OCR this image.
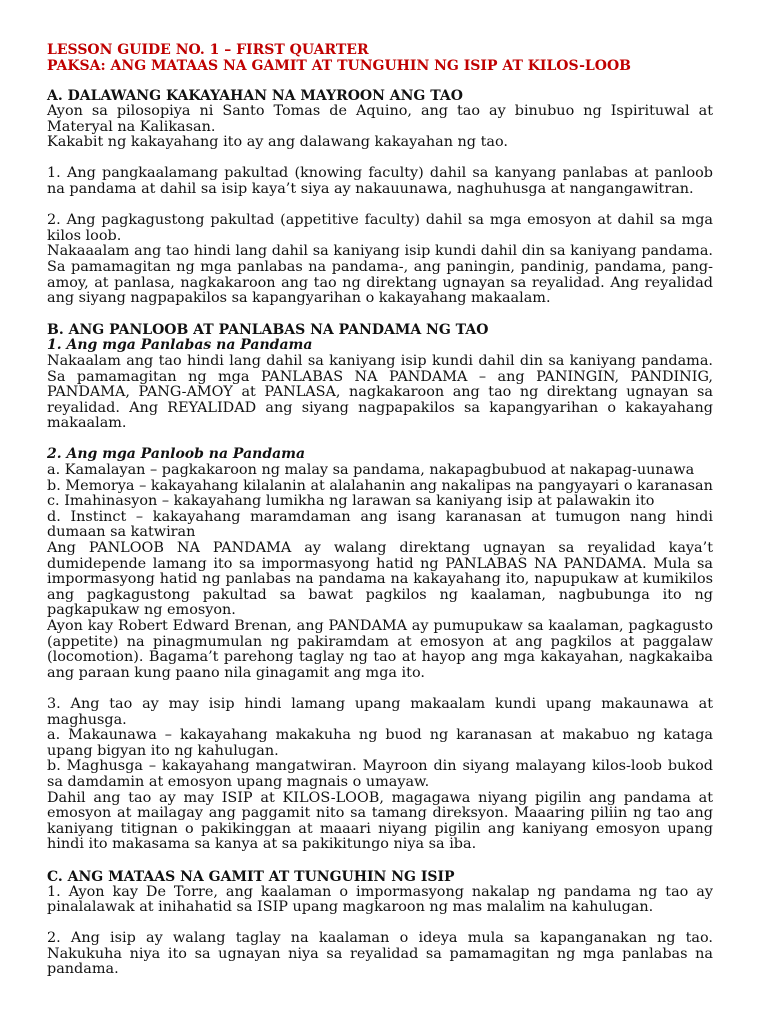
LESSON GUIDE NO. 1 – FIRST QUARTER

PAKSA: ANG MATAAS NA GAMIT AT TUNGUHIN NG ISIP AT KILOS-LOOB

A. DALAWANG KAKAYAHAN NA MAYROON ANG TAO

Ayon sa pilosopiya ni Santo Tomas de Aquino, ang tao ay binubuo ng Ispirituwal at Materyal na Kalikasan.

Kakabit ng kakayahang ito ay ang dalawang kakayahan ng tao.

1. Ang pangkaalamang pakultad (knowing faculty) dahil sa kanyang panlabas at panloob na pandama at dahil sa isip kaya’t siya ay nakauunawa, naghuhusga at nangangawitran.

2. Ang pagkagustong pakultad (appetitive faculty) dahil sa mga emosyon at dahil sa mga kilos loob.

Nakaaalam ang tao hindi lang dahil sa kaniyang isip kundi dahil din sa kaniyang pandama. Sa pamamagitan ng mga panlabas na pandama-, ang paningin, pandinig, pandama, pang-amoy, at panlasa, nagkakaroon ang tao ng direktang ugnayan sa reyalidad. Ang reyalidad ang siyang nagpapakilos sa kapangyarihan o kakayahang makaalam.

B. ANG PANLOOB AT PANLABAS NA PANDAMA NG TAO
1. Ang mga Panlabas na Pandama

Nakaalam ang tao hindi lang dahil sa kaniyang isip kundi dahil din sa kaniyang pandama. Sa pamamagitan ng mga PANLABAS NA PANDAMA – ang PANINGIN, PANDINIG, PANDAMA, PANG-AMOY at PANLASA, nagkakaroon ang tao ng direktang ugnayan sa reyalidad. Ang REYALIDAD ang siyang nagpapakilos sa kapangyarihan o kakayahang makaalam.

2. Ang mga Panloob na Pandama

a. Kamalayan – pagkakaroon ng malay sa pandama, nakapagbubuod at nakapag-uunawa

b. Memorya – kakayahang kilalanin at alalahanin ang nakalipas na pangyayari o karanasan

c. Imahinasyon – kakayahang lumikha ng larawan sa kaniyang isip at palawakin ito

d. Instinct – kakayahang maramdaman ang isang karanasan at tumugon nang hindi dumaan sa katwiran

Ang PANLOOB NA PANDAMA ay walang direktang ugnayan sa reyalidad kaya’t dumidepende lamang ito sa impormasyong hatid ng PANLABAS NA PANDAMA. Mula sa impormasyong hatid ng panlabas na pandama na kakayahang ito, napupukaw at kumikilos ang pagkagustong pakultad sa bawat pagkilos ng kaalaman, nagbubunga ito ng pagkapukaw ng emosyon.

Ayon kay Robert Edward Brenan, ang PANDAMA ay pumupukaw sa kaalaman, pagkagusto (appetite) na pinagmumulan ng pakiramdam at emosyon at ang pagkilos at paggalaw (locomotion). Bagama’t parehong taglay ng tao at hayop ang mga kakayahan, nagkakaiba ang paraan kung paano nila ginagamit ang mga ito.

3. Ang tao ay may isip hindi lamang upang makaalam kundi upang makaunawa at maghusga.

a. Makaunawa – kakayahang makakuha ng buod ng karanasan at makabuo ng kataga upang bigyan ito ng kahulugan.

b. Maghusga – kakayahang mangatwiran. Mayroon din siyang malayang kilos-loob bukod sa damdamin at emosyon upang magnais o umayaw.

Dahil ang tao ay may ISIP at KILOS-LOOB, magagawa niyang pigilin ang pandama at emosyon at mailagay ang paggamit nito sa tamang direksyon. Maaaring piliin ng tao ang kaniyang titignan o pakikinggan at maaari niyang pigilin ang kaniyang emosyon upang hindi ito makasama sa kanya at sa pakikitungo niya sa iba.

C. ANG MATAAS NA GAMIT AT TUNGUHIN NG ISIP

1. Ayon kay De Torre, ang kaalaman o impormasyong nakalap ng pandama ng tao ay pinalalawak at inihahatid sa ISIP upang magkaroon ng mas malalim na kahulugan.

2. Ang isip ay walang taglay na kaalaman o ideya mula sa kapanganakan ng tao. Nakukuha niya ito sa ugnayan niya sa reyalidad sa pamamagitan ng mga panlabas na pandama.
